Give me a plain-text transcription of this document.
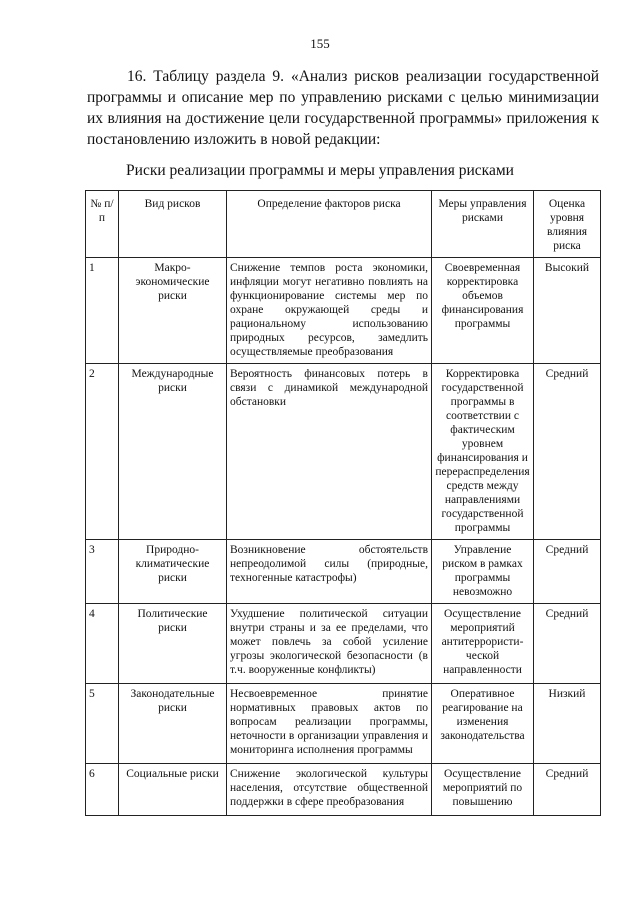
155
16. Таблицу раздела 9. «Анализ рисков реализации государственной программы и описание мер по управлению рисками с целью минимизации их влияния на достижение цели государственной программы» приложения к постановлению изложить в новой редакции:
Риски реализации программы и меры управления рисками
№ п/п	Вид рисков	Определение факторов риска	Меры управления рисками	Оценка уровня влияния риска
1	Макро-экономические риски	Снижение темпов роста экономики, инфляции могут негативно повлиять на функционирование системы мер по охране окружающей среды и рациональному использованию природных ресурсов, замедлить осуществляемые преобразования	Своевременная корректировка объемов финансирования программы	Высокий
2	Международные риски	Вероятность финансовых потерь в связи с динамикой международной обстановки	Корректировка государственной программы в соответствии с фактическим уровнем финансирования и перераспределения средств между направлениями государственной программы	Средний
3	Природно-климатические риски	Возникновение обстоятельств непреодолимой силы (природные, техногенные катастрофы)	Управление риском в рамках программы невозможно	Средний
4	Политические риски	Ухудшение политической ситуации внутри страны и за ее пределами, что может повлечь за собой усиление угрозы экологической безопасности (в т.ч. вооруженные конфликты)	Осуществление мероприятий антитеррористи-ческой направленности	Средний
5	Законодательные риски	Несвоевременное принятие нормативных правовых актов по вопросам реализации программы, неточности в организации управления и мониторинга исполнения программы	Оперативное реагирование на изменения законодательства	Низкий
6	Социальные риски	Снижение экологической культуры населения, отсутствие общественной поддержки в сфере преобразования	Осуществление мероприятий по повышению	Средний
